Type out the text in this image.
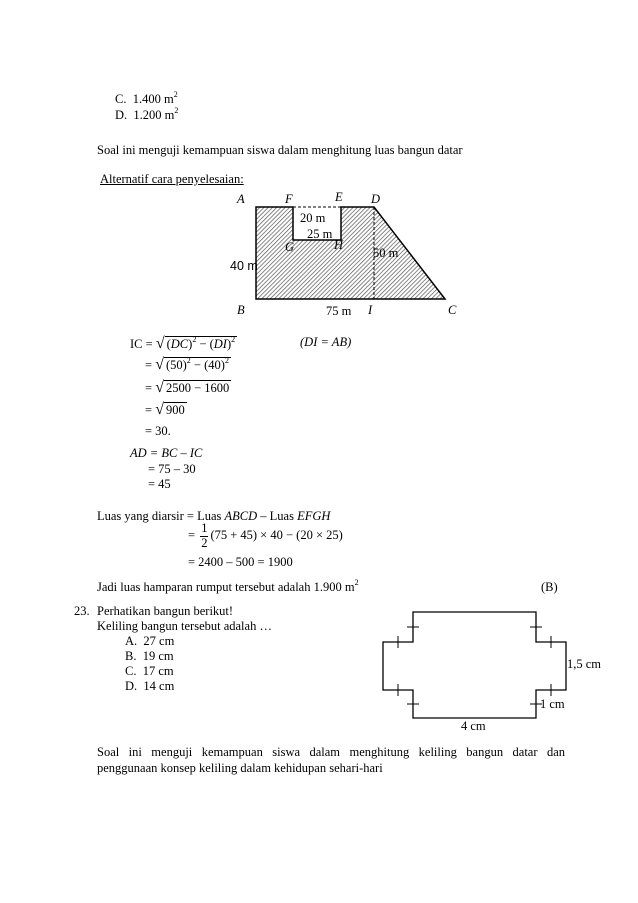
C. 1.400 $m^2$
D. 1.200 $m^2$
Soal ini menguji kemampuan siswa dalam menghitung luas bangun datar
Alternatif cara penyelesaian:
A	F	E D
20 m
25 m
G	H
50 m
40 m
B	75 m I	C
IC = √ (DC)$^2$ − (DI)$^2$	(DI = AB)
= √ $(50)^2 - (40)^2$
= √ 2500 − 1600
= √ 900
= 30.
AD = BC – IC
= 75 – 30
= 45
Luas yang diarsir = Luas ABCD – Luas EFGH
= $\frac{1}{2} (75 + 45) \times 40 - (20 \times 25)$
= 2400 – 500 = 1900
Jadi luas hamparan rumput tersebut adalah 1.900 $m^2$	(B)
23. Perhatikan bangun berikut!
Keliling bangun tersebut adalah …
A. 27 cm
B. 19 cm
C. 17 cm
D. 14 cm
1,5 cm
1 cm
4 cm
Soal ini menguji kemampuan siswa dalam menghitung keliling bangun datar dan
penggunaan konsep keliling dalam kehidupan sehari-hari
